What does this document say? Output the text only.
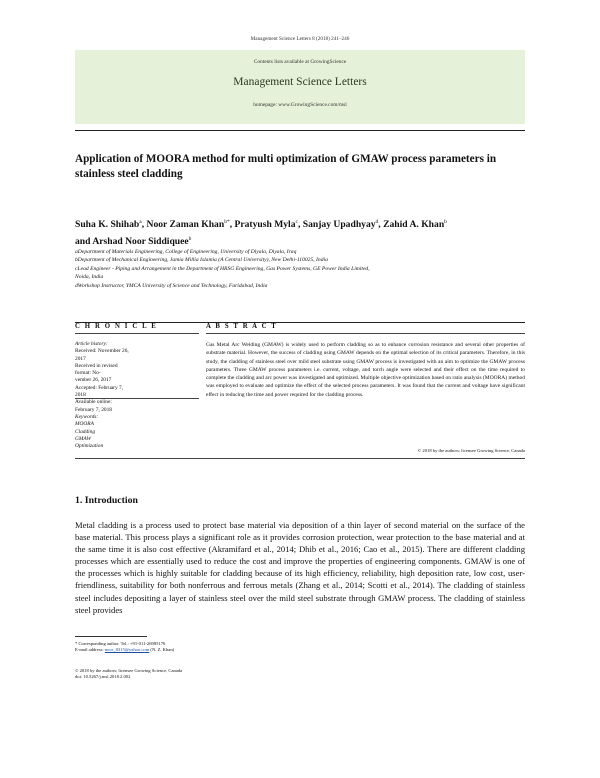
Management Science Letters 8 (2018) 241–246
Contents lists available at GrowingScience
Management Science Letters
homepage: www.GrowingScience.com/msl
Application of MOORA method for multi optimization of GMAW process parameters in stainless steel cladding
Suha K. Shihab$^a$, Noor Zaman Khan$^{b*}$, Pratyush Myla$^c$, Sanjay Upadhyay$^d$, Zahid A. Khan$^b$
and Arshad Noor Siddiquee$^b$
aDepartment of Materials Engineering, College of Engineering, University of Diyala, Diyala, Iraq
bDepartment of Mechanical Engineering, Jamia Millia Islamia (A Central University), New Delhi-110025, India
cLead Engineer - Piping and Arrangement in the Department of HRSG Engineering, Gas Power Systems, GE Power India Limited,
Noida, India
dWorkshop Instructor, YMCA University of Science and Technology, Faridabad, India
C H R O N I C L E	A B S T R A C T
Article history:
Received: November 26, 2017
Received in revised format: No-
vember 26, 2017
Accepted: February 7, 2018
Available online:
February 7, 2018
Keywords:
MOORA
Cladding
GMAW
Optimization
Gas Metal Arc Welding (GMAW) is widely used to perform cladding so as to enhance corrosion resistance and several other properties of substrate material. However, the success of cladding using GMAW depends on the optimal selection of its critical parameters. Therefore, in this study, the cladding of stainless steel over mild steel substrate using GMAW process is investigated with an aim to optimize the GMAW process parameters. Three GMAW process parameters i.e. current, voltage, and torch angle were selected and their effect on the time required to complete the cladding and arc power was investigated and optimized. Multiple objective optimization based on ratio analysis (MOORA) method was employed to evaluate and optimize the effect of the selected process parameters. It was found that the current and voltage have significant effect in reducing the time and power required for the cladding process.
© 2018 by the authors; licensee Growing Science, Canada
1. Introduction
Metal cladding is a process used to protect base material via deposition of a thin layer of second material on the surface of the base material. This process plays a significant role as it provides corrosion protection, wear protection to the base material and at the same time it is also cost effective (Akramifard et al., 2014; Dhib et al., 2016; Cao et al., 2015). There are different cladding processes which are essentially used to reduce the cost and improve the properties of engineering components. GMAW is one of the processes which is highly suitable for cladding because of its high efficiency, reliability, high deposition rate, low cost, user-friendliness, suitability for both nonferrous and ferrous metals (Zhang et al., 2014; Scotti et al., 2014). The cladding of stainless steel includes depositing a layer of stainless steel over the mild steel substrate through GMAW process. The cladding of stainless steel provides
* Corresponding author. Tel.: +91-011-26985176
E-mail address: noor_8315@yahoo.com (N. Z. Khan)
© 2018 by the authors; licensee Growing Science, Canada
doi: 10.5267/j.msl.2018.2.002
